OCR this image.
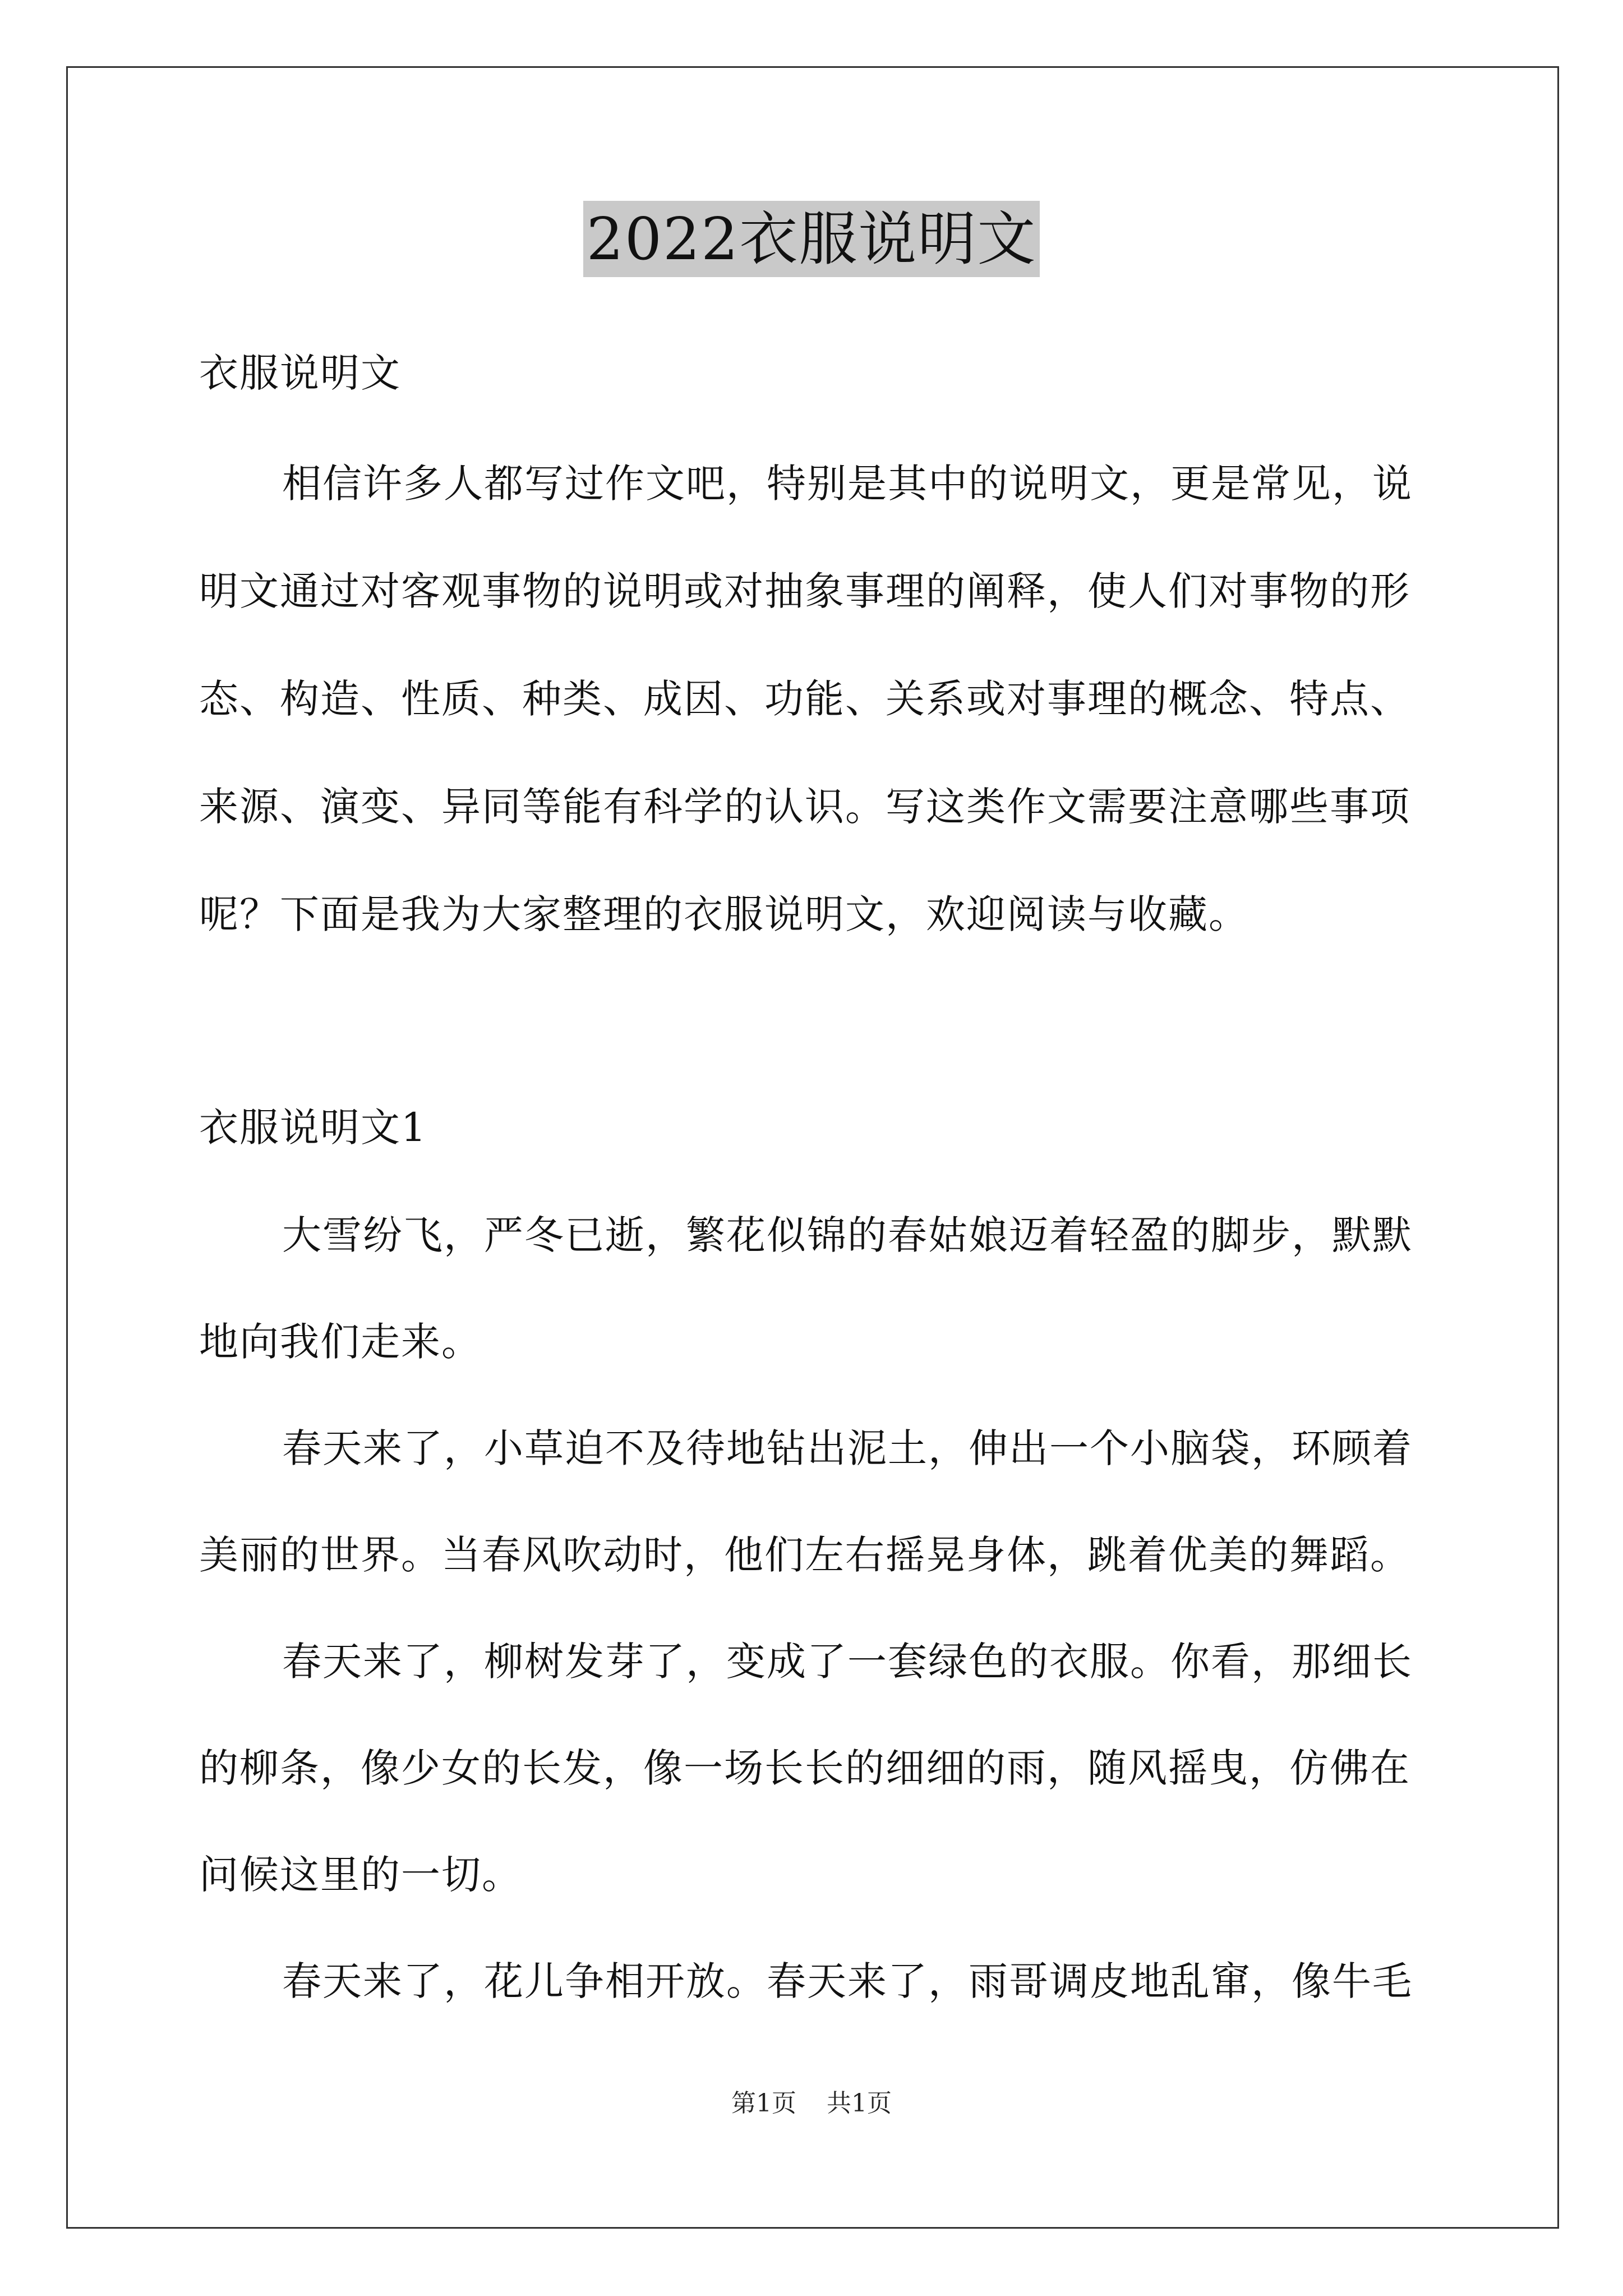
2022衣服说明文
衣服说明文
相信许多人都写过作文吧，特别是其中的说明文，更是常见，说
明文通过对客观事物的说明或对抽象事理的阐释，使人们对事物的形
态、构造、性质、种类、成因、功能、关系或对事理的概念、特点、
来源、演变、异同等能有科学的认识。写这类作文需要注意哪些事项
呢？下面是我为大家整理的衣服说明文，欢迎阅读与收藏。
衣服说明文1
大雪纷飞，严冬已逝，繁花似锦的春姑娘迈着轻盈的脚步，默默
地向我们走来。
春天来了，小草迫不及待地钻出泥土，伸出一个小脑袋，环顾着
美丽的世界。当春风吹动时，他们左右摇晃身体，跳着优美的舞蹈。
春天来了，柳树发芽了，变成了一套绿色的衣服。你看，那细长
的柳条，像少女的长发，像一场长长的细细的雨，随风摇曳，仿佛在
问候这里的一切。
春天来了，花儿争相开放。春天来了，雨哥调皮地乱窜，像牛毛
第1页 共1页
